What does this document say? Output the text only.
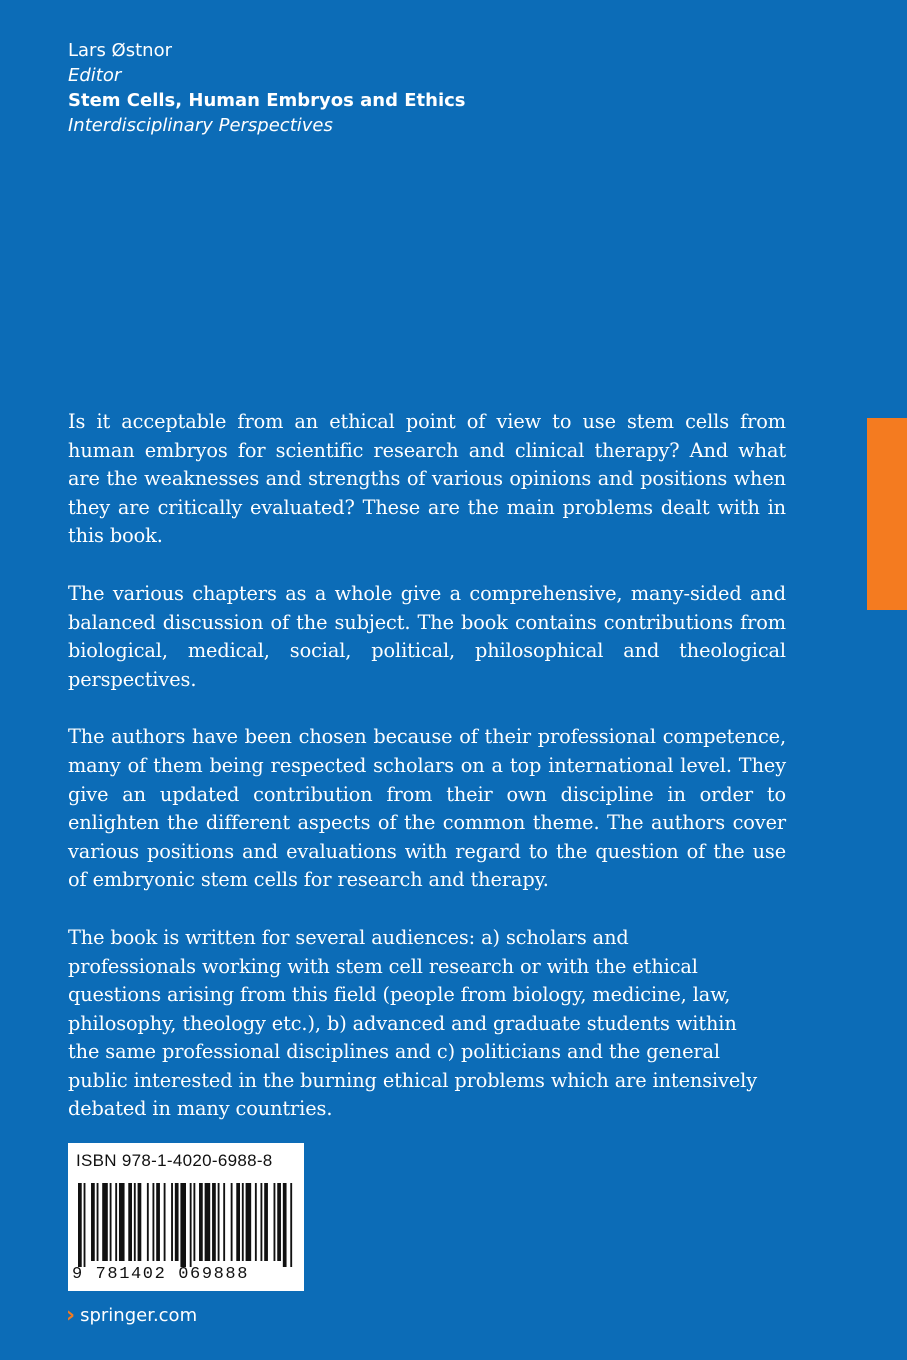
Lars Østnor
Editor
Stem Cells, Human Embryos and Ethics
Interdisciplinary Perspectives

Is it acceptable from an ethical point of view to use stem cells from human embryos for scientific research and clinical therapy? And what are the weaknesses and strengths of various opinions and positions when they are critically evaluated? These are the main problems dealt with in this book.

The various chapters as a whole give a comprehensive, many-sided and balanced discussion of the subject. The book contains contributions from biological, medical, social, political, philosophical and theological perspectives.

The authors have been chosen because of their professional competence, many of them being respected scholars on a top international level. They give an updated contribution from their own discipline in order to enlighten the different aspects of the common theme. The authors cover various positions and evaluations with regard to the question of the use of embryonic stem cells for research and therapy.

The book is written for several audiences: a) scholars and professionals working with stem cell research or with the ethical questions arising from this field (people from biology, medicine, law, philosophy, theology etc.), b) advanced and graduate students within the same professional disciplines and c) politicians and the general public interested in the burning ethical problems which are intensively debated in many countries.

ISBN 978-1-4020-6988-8
9 781402 069888
› springer.com
